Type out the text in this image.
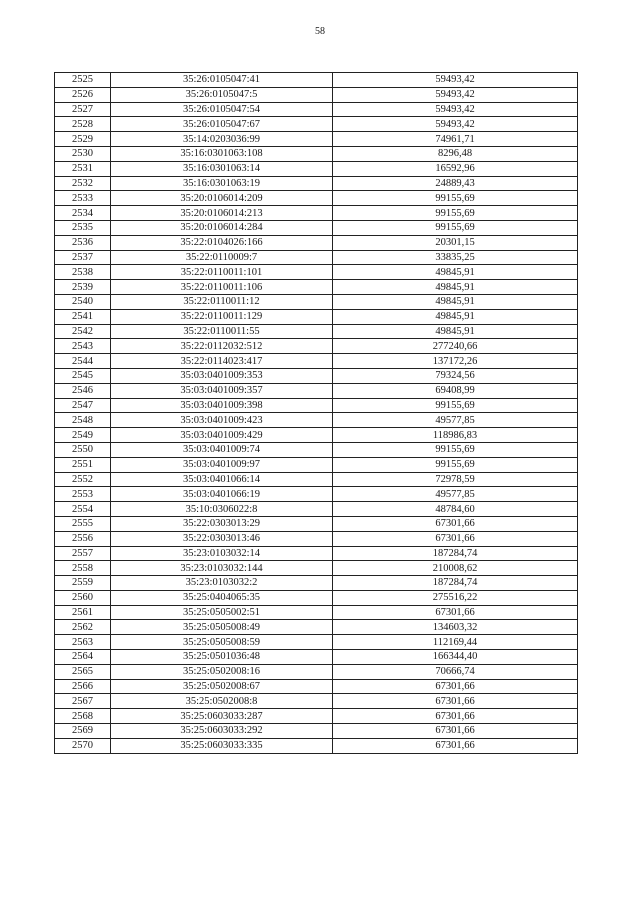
58
2525	35:26:0105047:41	59493,42
2526	35:26:0105047:5	59493,42
2527	35:26:0105047:54	59493,42
2528	35:26:0105047:67	59493,42
2529	35:14:0203036:99	74961,71
2530	35:16:0301063:108	8296,48
2531	35:16:0301063:14	16592,96
2532	35:16:0301063:19	24889,43
2533	35:20:0106014:209	99155,69
2534	35:20:0106014:213	99155,69
2535	35:20:0106014:284	99155,69
2536	35:22:0104026:166	20301,15
2537	35:22:0110009:7	33835,25
2538	35:22:0110011:101	49845,91
2539	35:22:0110011:106	49845,91
2540	35:22:0110011:12	49845,91
2541	35:22:0110011:129	49845,91
2542	35:22:0110011:55	49845,91
2543	35:22:0112032:512	277240,66
2544	35:22:0114023:417	137172,26
2545	35:03:0401009:353	79324,56
2546	35:03:0401009:357	69408,99
2547	35:03:0401009:398	99155,69
2548	35:03:0401009:423	49577,85
2549	35:03:0401009:429	118986,83
2550	35:03:0401009:74	99155,69
2551	35:03:0401009:97	99155,69
2552	35:03:0401066:14	72978,59
2553	35:03:0401066:19	49577,85
2554	35:10:0306022:8	48784,60
2555	35:22:0303013:29	67301,66
2556	35:22:0303013:46	67301,66
2557	35:23:0103032:14	187284,74
2558	35:23:0103032:144	210008,62
2559	35:23:0103032:2	187284,74
2560	35:25:0404065:35	275516,22
2561	35:25:0505002:51	67301,66
2562	35:25:0505008:49	134603,32
2563	35:25:0505008:59	112169,44
2564	35:25:0501036:48	166344,40
2565	35:25:0502008:16	70666,74
2566	35:25:0502008:67	67301,66
2567	35:25:0502008:8	67301,66
2568	35:25:0603033:287	67301,66
2569	35:25:0603033:292	67301,66
2570	35:25:0603033:335	67301,66
